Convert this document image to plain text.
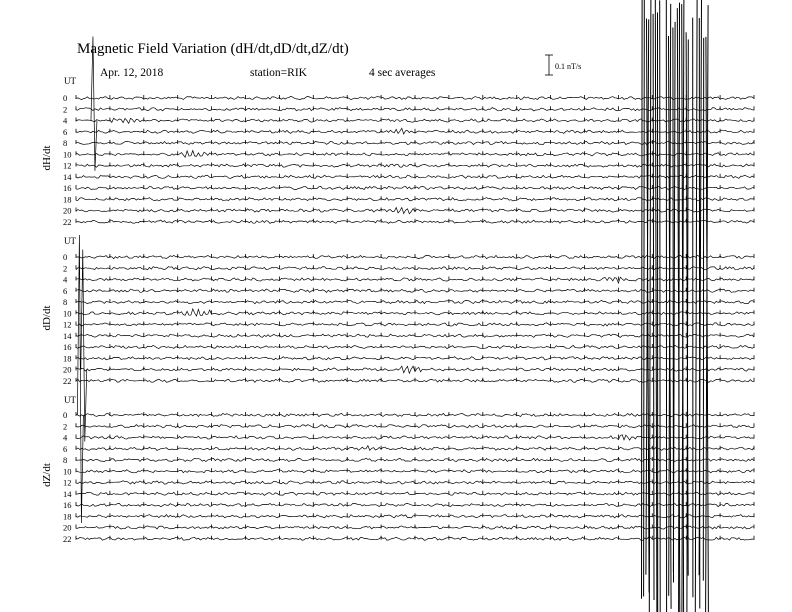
Magnetic Field Variation (dH/dt,dD/dt,dZ/dt)
Apr. 12, 2018	station=RIK	4 sec averages
0.1 nT/s
UT
dH/dt
0
2
4
6
8
10
12
14
16
18
20
22
UT
dD/dt
0
2
4
6
8
10
12
14
16
18
20
22
UT
dZ/dt
0
2
4
6
8
10
12
14
16
18
20
22
